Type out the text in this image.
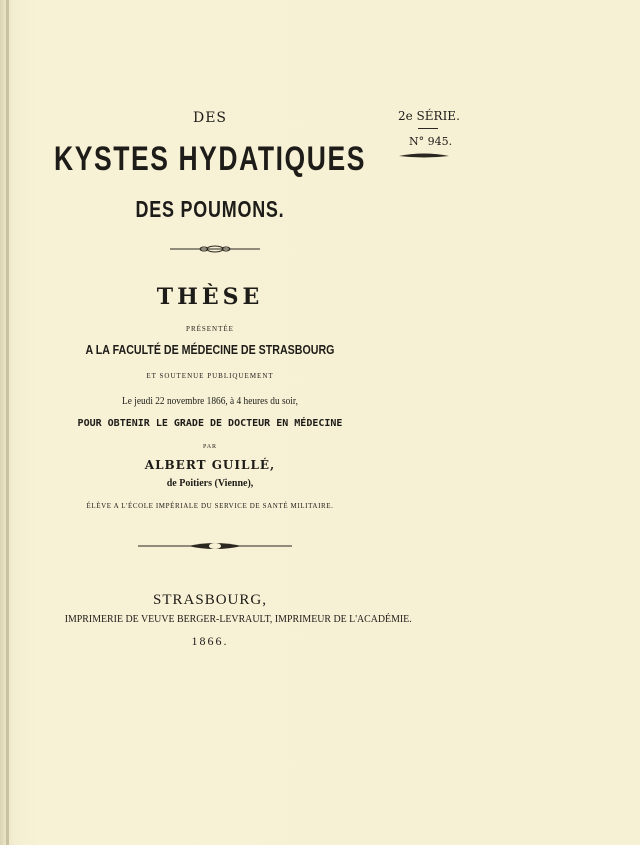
DES	2e SÉRIE.
N° 945.
KYSTES HYDATIQUES
DES POUMONS.
THÈSE
PRÉSENTÉE
A LA FACULTÉ DE MÉDECINE DE STRASBOURG
ET SOUTENUE PUBLIQUEMENT
Le jeudi 22 novembre 1866, à 4 heures du soir,
POUR OBTENIR LE GRADE DE DOCTEUR EN MÉDECINE
PAR
ALBERT GUILLÉ,
de Poitiers (Vienne),
ÉLÈVE A L'ÉCOLE IMPÉRIALE DU SERVICE DE SANTÉ MILITAIRE.
STRASBOURG,
IMPRIMERIE DE VEUVE BERGER-LEVRAULT, IMPRIMEUR DE L'ACADÉMIE.
1866.
